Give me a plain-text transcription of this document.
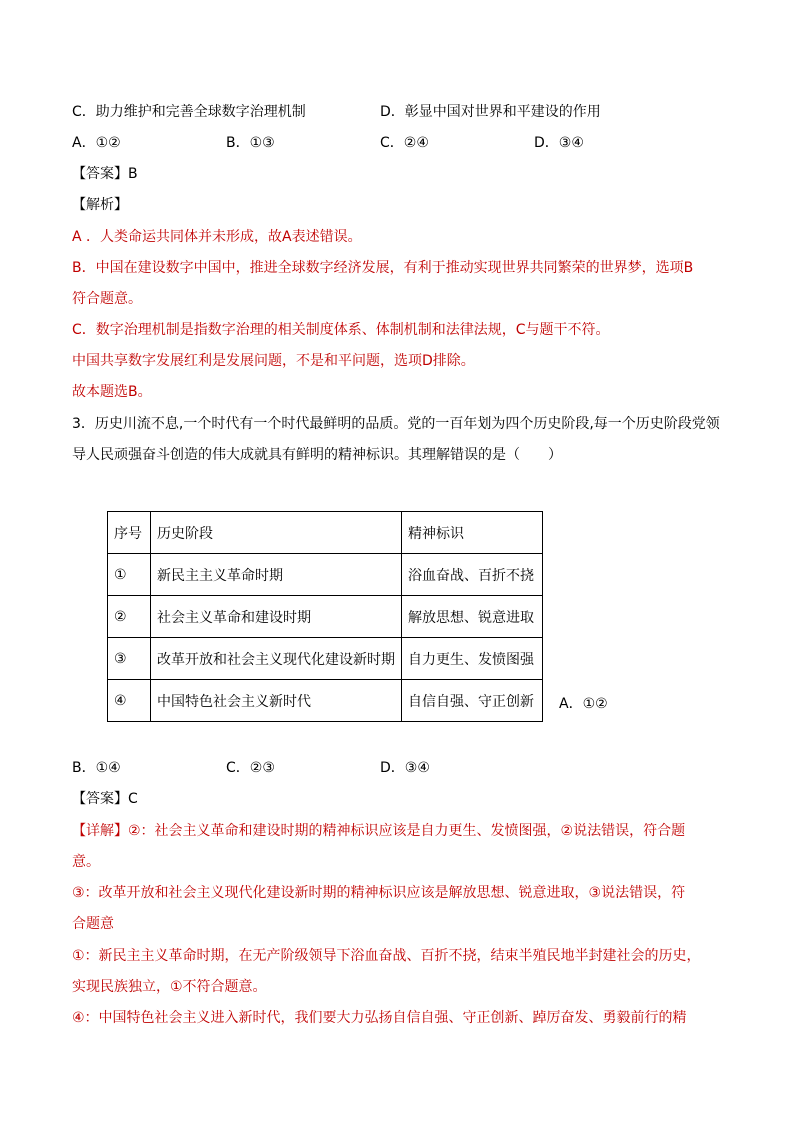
C．助力维护和完善全球数字治理机制	D．彰显中国对世界和平建设的作用
A．①②	B．①③	C．②④	D．③④
【答案】B
【解析】
A ．人类命运共同体并未形成，故A表述错误。
B．中国在建设数字中国中，推进全球数字经济发展，有利于推动实现世界共同繁荣的世界梦，选项B
符合题意。
C．数字治理机制是指数字治理的相关制度体系、体制机制和法律法规，C与题干不符。
中国共享数字发展红利是发展问题，不是和平问题，选项D排除。
故本题选B。
3．历史川流不息,一个时代有一个时代最鲜明的品质。党的一百年划为四个历史阶段,每一个历史阶段党领
导人民顽强奋斗创造的伟大成就具有鲜明的精神标识。其理解错误的是（　　）
序号	历史阶段	精神标识
①	新民主主义革命时期	浴血奋战、百折不挠
②	社会主义革命和建设时期	解放思想、锐意进取
③	改革开放和社会主义现代化建设新时期	自力更生、发愤图强
④	中国特色社会主义新时代	自信自强、守正创新 A．①②
B．①④	C．②③	D．③④
【答案】C
【详解】②：社会主义革命和建设时期的精神标识应该是自力更生、发愤图强，②说法错误，符合题
意。
③：改革开放和社会主义现代化建设新时期的精神标识应该是解放思想、锐意进取，③说法错误，符
合题意
①：新民主主义革命时期，在无产阶级领导下浴血奋战、百折不挠，结束半殖民地半封建社会的历史，
实现民族独立，①不符合题意。
④：中国特色社会主义进入新时代，我们要大力弘扬自信自强、守正创新、踔厉奋发、勇毅前行的精
